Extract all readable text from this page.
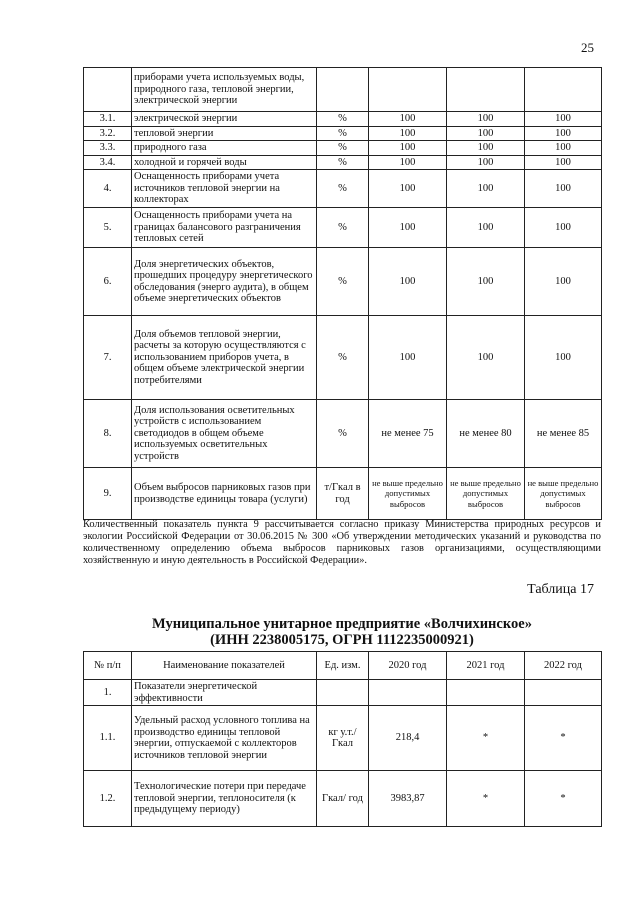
25
	приборами учета используемых воды, природного газа, тепловой энергии, электрической энергии				
3.1.	электрической энергии	%	100	100	100
3.2.	тепловой энергии	%	100	100	100
3.3.	природного газа	%	100	100	100
3.4.	холодной и горячей воды	%	100	100	100
4.	Оснащенность приборами учета источников тепловой энергии на коллекторах	%	100	100	100
5.	Оснащенность приборами учета на границах балансового разграничения тепловых сетей	%	100	100	100
6.	Доля энергетических объектов, прошедших процедуру энергетического обследования (энерго аудита), в общем объеме энергетических объектов	%	100	100	100
7.	Доля объемов тепловой энергии, расчеты за которую осуществляются с использованием приборов учета, в общем объеме электрической энергии потребителями	%	100	100	100
8.	Доля использования осветительных устройств с использованием светодиодов в общем объеме используемых осветительных устройств	%	не менее 75	не менее 80	не менее 85
9.	Объем выбросов парниковых газов при производстве единицы товара (услуги)	т/Гкал в год	не выше предельно допустимых выбросов	не выше предельно допустимых выбросов	не выше предельно допустимых выбросов
Количественный показатель пункта 9 рассчитывается согласно приказу Министерства природных ресурсов и экологии Российской Федерации от 30.06.2015 № 300 «Об утверждении методических указаний и руководства по количественному определению объема выбросов парниковых газов организациями, осуществляющими хозяйственную и иную деятельность в Российской Федерации».
Таблица 17
Муниципальное унитарное предприятие «Волчихинское»
(ИНН 2238005175, ОГРН 1112235000921)
№ п/п	Наименование показателей	Ед. изм.	2020 год	2021 год	2022 год
1.	Показатели энергетической эффективности				
1.1.	Удельный расход условного топлива на производство единицы тепловой энергии, отпускаемой с коллекторов источников тепловой энергии	кг у.т./ Гкал	218,4	*	*
1.2.	Технологические потери при передаче тепловой энергии, теплоносителя (к предыдущему периоду)	Гкал/ год	3983,87	*	*
